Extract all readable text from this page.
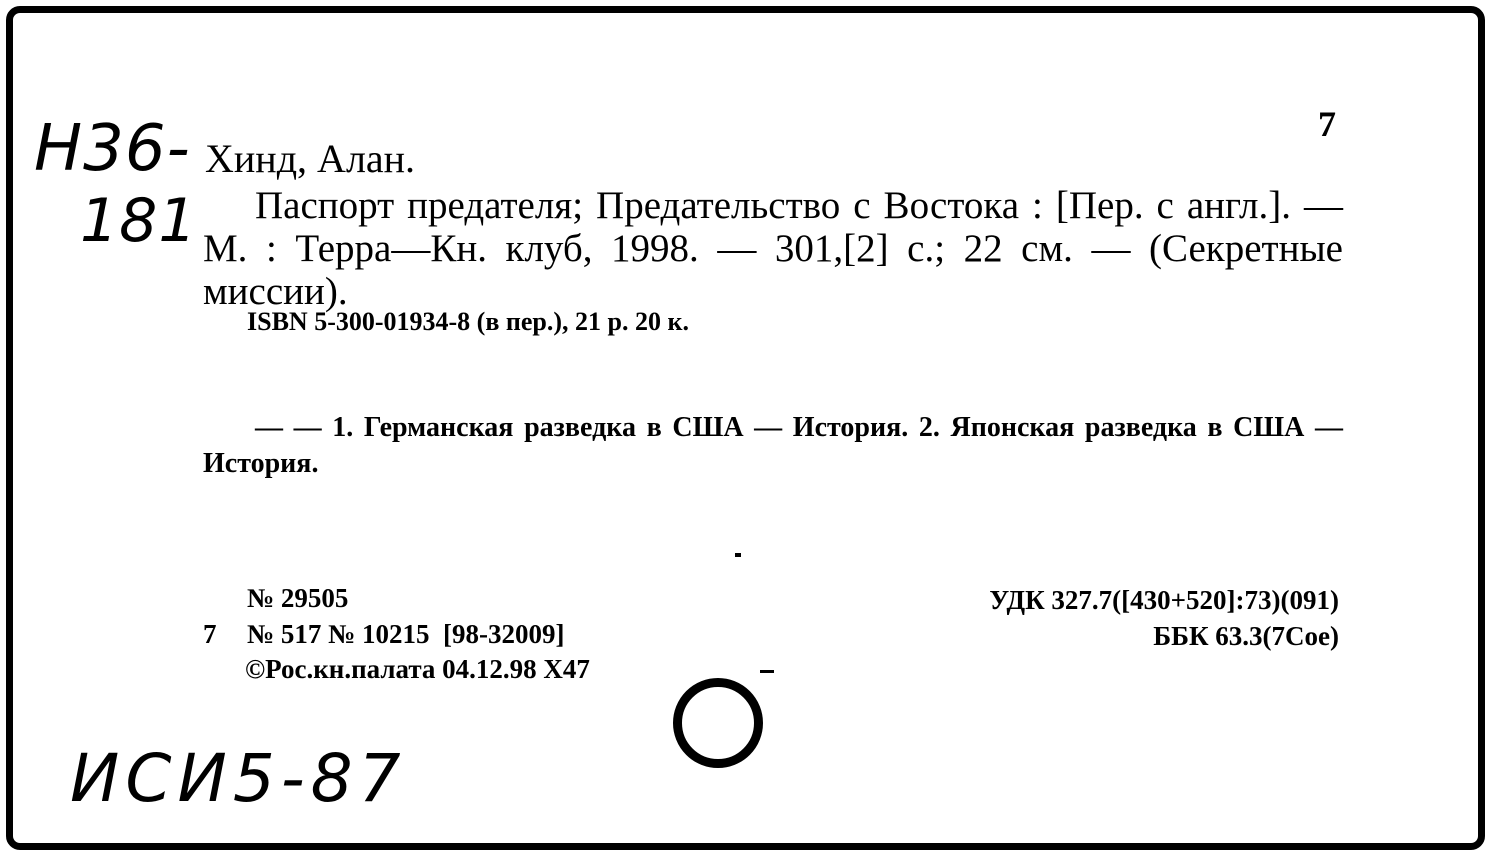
Н36-
181
7
Хинд, Алан.
Паспорт предателя; Предательство с Востока : [Пер. с англ.]. — М. : Терра—Кн. клуб, 1998. — 301,[2] с.; 22 см. — (Секретные миссии).
ISBN 5-300-01934-8 (в пер.), 21 р. 20 к.
— — 1. Германская разведка в США — История. 2. Японская разведка в США — История.
№ 29505
7 № 517 № 10215  [98-32009]
©Рос.кн.палата 04.12.98 Х47
УДК 327.7([430+520]:73)(091)
ББК 63.3(7Сое)
ИСИ5-87
